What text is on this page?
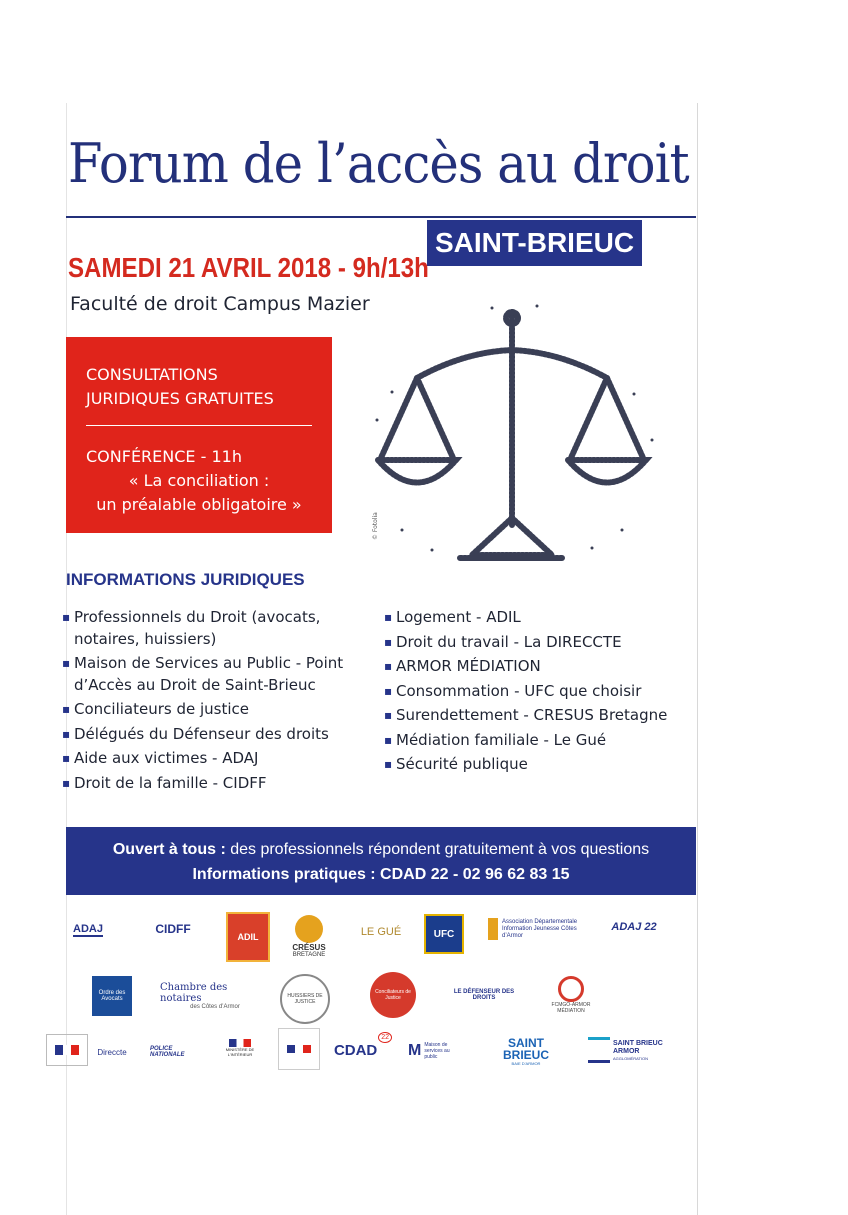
Forum de l’accès au droit
SAINT-BRIEUC
SAMEDI 21 AVRIL 2018 - 9h/13h
Faculté de droit Campus Mazier
CONSULTATIONS
JURIDIQUES GRATUITES
CONFÉRENCE - 11h
« La conciliation :
un préalable obligatoire »
© Fotolia
INFORMATIONS JURIDIQUES
▪ Professionnels du Droit (avocats, notaires, huissiers)
▪ Maison de Services au Public - Point d’Accès au Droit de Saint-Brieuc
▪ Conciliateurs de justice
▪ Délégués du Défenseur des droits
▪ Aide aux victimes - ADAJ
▪ Droit de la famille - CIDFF
▪ Logement - ADIL
▪ Droit du travail - La DIRECCTE
▪ ARMOR MÉDIATION
▪ Consommation - UFC que choisir
▪ Surendettement - CRESUS Bretagne
▪ Médiation familiale - Le Gué
▪ Sécurité publique
Ouvert à tous : des professionnels répondent gratuitement à vos questions
Informations pratiques : CDAD 22 - 02 96 62 83 15
ADAJ	CIDFF
ADIL
CRÉSUS
BRETAGNE
LE GUÉ	UFC
Association Départementale Information Jeunesse Côtes d’Armor
ADAJ 22
Ordre des Avocats
Chambre des notaires
des Côtes d’Armor
HUISSIERS DE JUSTICE
Conciliateurs de Justice
LE DÉFENSEUR DES DROITS
FCMGO-ARMOR MÉDIATION
Direccte	POLICE NATIONALE
MINISTÈRE DE L’INTÉRIEUR	CDAD
22
M Maison de services au public
SAINT BRIEUC
BAIE D’ARMOR
SAINT BRIEUC ARMOR
AGGLOMÉRATION
